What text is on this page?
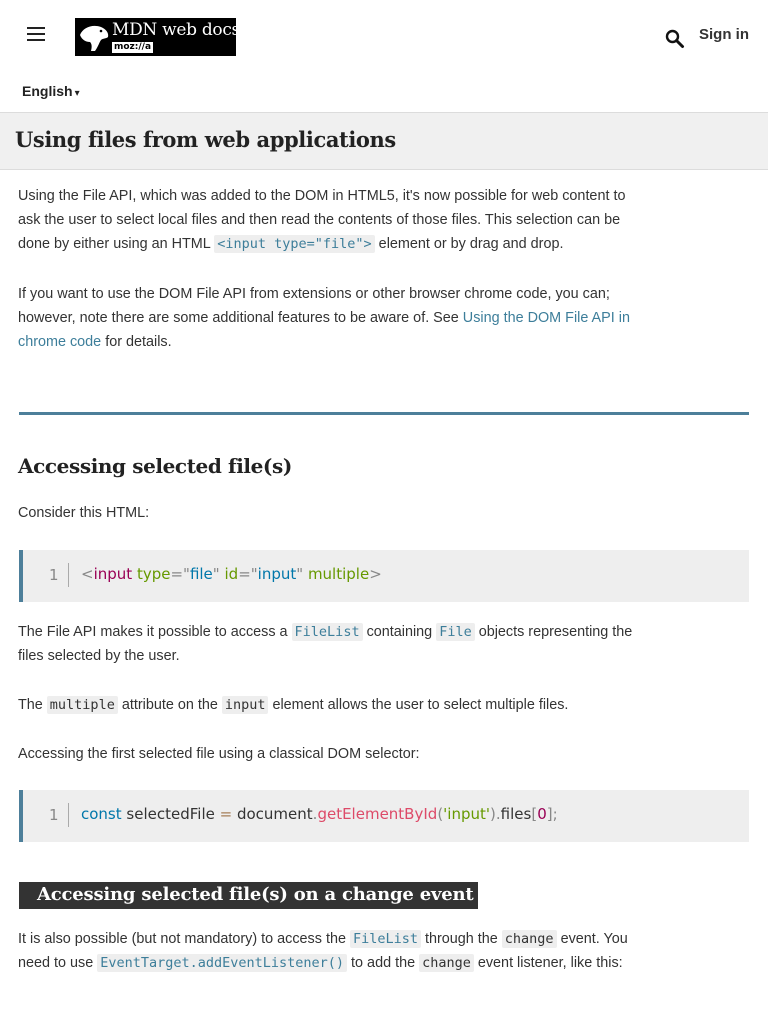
MDN web docs
moz://a
Sign in
English ▾
Using files from web applications

Using the File API, which was added to the DOM in HTML5, it's now possible for web content to ask the user to select local files and then read the contents of those files. This selection can be done by either using an HTML <input type="file"> element or by drag and drop.

If you want to use the DOM File API from extensions or other browser chrome code, you can; however, note there are some additional features to be aware of. See Using the DOM File API in chrome code for details.

Accessing selected file(s)

Consider this HTML:

1 <input type="file" id="input" multiple>

The File API makes it possible to access a FileList containing File objects representing the files selected by the user.

The multiple attribute on the input element allows the user to select multiple files.

Accessing the first selected file using a classical DOM selector:

1 const selectedFile = document.getElementById('input').files[0];
Accessing selected file(s) on a change event

It is also possible (but not mandatory) to access the FileList through the change event. You need to use EventTarget.addEventListener() to add the change event listener, like this:
